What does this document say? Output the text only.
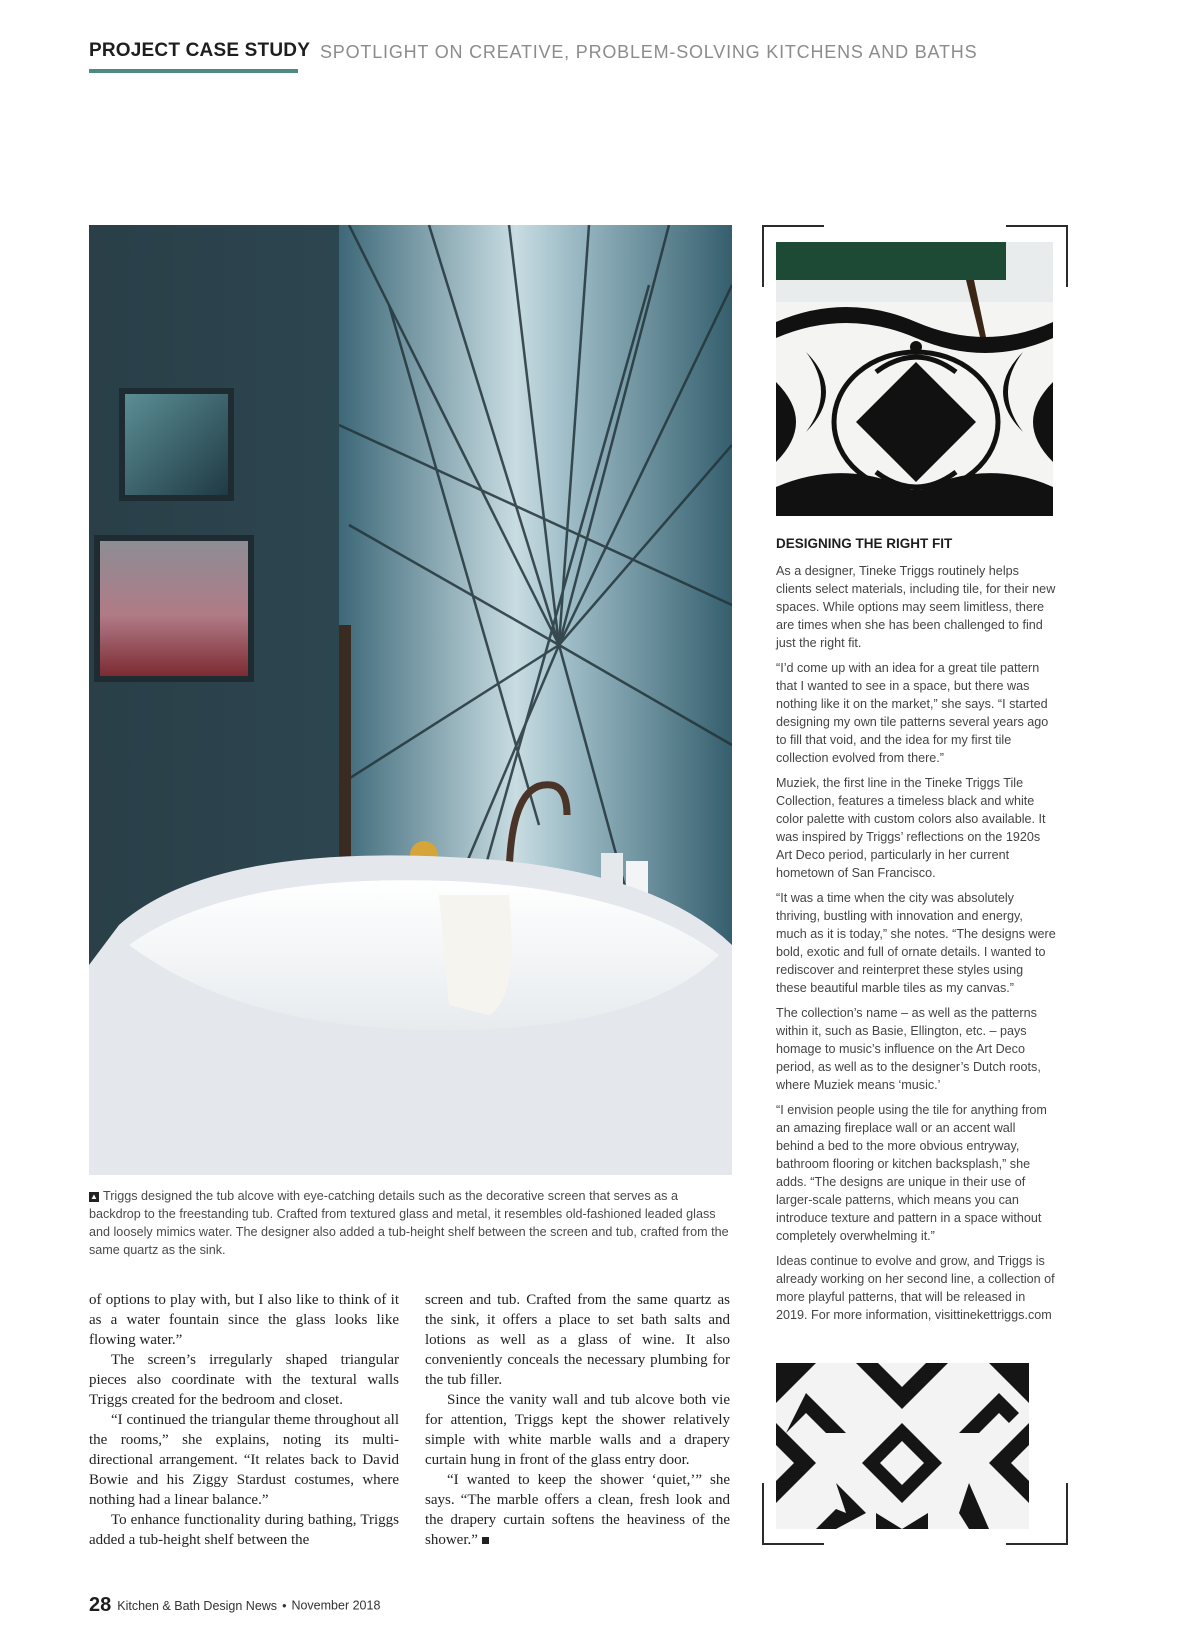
PROJECT CASE STUDY SPOTLIGHT ON CREATIVE, PROBLEM-SOLVING KITCHENS AND BATHS
▲ Triggs designed the tub alcove with eye-catching details such as the decorative screen that serves as a backdrop to the freestanding tub. Crafted from textured glass and metal, it resembles old-fashioned leaded glass and loosely mimics water. The designer also added a tub-height shelf between the screen and tub, crafted from the same quartz as the sink.

of options to play with, but I also like to think of it as a water fountain since the glass looks like flowing water.”

The screen’s irregularly shaped triangular pieces also coordinate with the textural walls Triggs created for the bedroom and closet.

“I continued the triangular theme throughout all the rooms,” she explains, noting its multi-directional arrangement. “It relates back to David Bowie and his Ziggy Stardust costumes, where nothing had a linear balance.”

To enhance functionality during bathing, Triggs added a tub-height shelf between the

screen and tub. Crafted from the same quartz as the sink, it offers a place to set bath salts and lotions as well as a glass of wine. It also conveniently conceals the necessary plumbing for the tub filler.

Since the vanity wall and tub alcove both vie for attention, Triggs kept the shower relatively simple with white marble walls and a drapery curtain hung in front of the glass entry door.

“I wanted to keep the shower ‘quiet,’” she says. “The marble offers a clean, fresh look and the drapery curtain softens the heaviness of the shower.”

DESIGNING THE RIGHT FIT

As a designer, Tineke Triggs routinely helps clients select materials, including tile, for their new spaces. While options may seem limitless, there are times when she has been challenged to find just the right fit.

“I’d come up with an idea for a great tile pattern that I wanted to see in a space, but there was nothing like it on the market,” she says. “I started designing my own tile patterns several years ago to fill that void, and the idea for my first tile collection evolved from there.”

Muziek, the first line in the Tineke Triggs Tile Collection, features a timeless black and white color palette with custom colors also available. It was inspired by Triggs’ reflections on the 1920s Art Deco period, particularly in her current hometown of San Francisco.

“It was a time when the city was absolutely thriving, bustling with innovation and energy, much as it is today,” she notes. “The designs were bold, exotic and full of ornate details. I wanted to rediscover and reinterpret these styles using these beautiful marble tiles as my canvas.”

The collection’s name – as well as the patterns within it, such as Basie, Ellington, etc. – pays homage to music’s influence on the Art Deco period, as well as to the designer’s Dutch roots, where Muziek means ‘music.’

“I envision people using the tile for anything from an amazing fireplace wall or an accent wall behind a bed to the more obvious entryway, bathroom flooring or kitchen backsplash,” she adds. “The designs are unique in their use of larger-scale patterns, which means you can introduce texture and pattern in a space without completely overwhelming it.”

Ideas continue to evolve and grow, and Triggs is already working on her second line, a collection of more playful patterns, that will be released in 2019. For more information, visittinekettriggs.com

28 Kitchen & Bath Design News • November 2018
